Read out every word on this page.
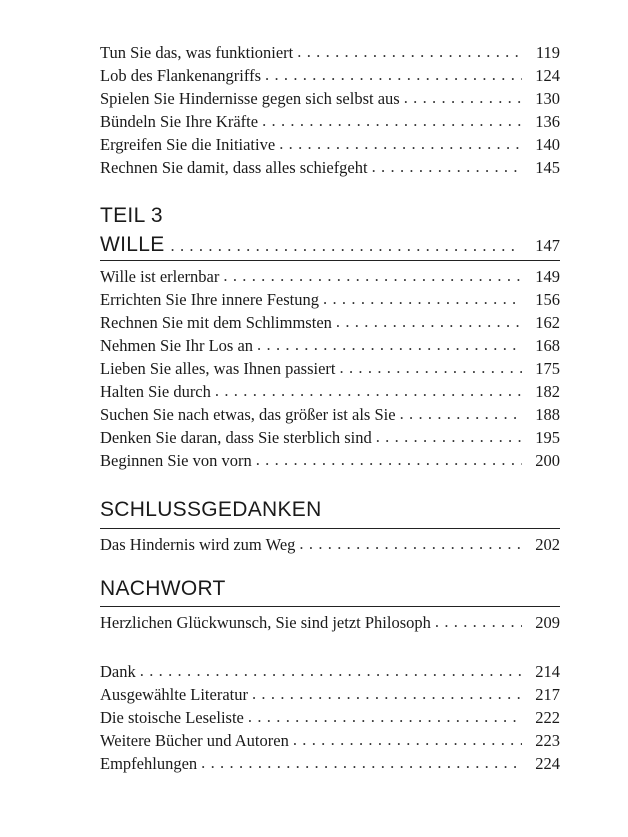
Tun Sie das, was funktioniert . . .	119
Lob des Flankenangriffs . . .	124
Spielen Sie Hindernisse gegen sich selbst aus . . .	130
Bündeln Sie Ihre Kräfte . . .	136
Ergreifen Sie die Initiative . . .	140
Rechnen Sie damit, dass alles schiefgeht . . .	145
TEIL 3
WILLE . . .	147
Wille ist erlernbar . . .	149
Errichten Sie Ihre innere Festung . . .	156
Rechnen Sie mit dem Schlimmsten . . .	162
Nehmen Sie Ihr Los an . . .	168
Lieben Sie alles, was Ihnen passiert . . .	175
Halten Sie durch . . .	182
Suchen Sie nach etwas, das größer ist als Sie . . .	188
Denken Sie daran, dass Sie sterblich sind . . .	195
Beginnen Sie von vorn . . .	200
SCHLUSSGEDANKEN
Das Hindernis wird zum Weg . . .	202
NACHWORT
Herzlichen Glückwunsch, Sie sind jetzt Philosoph . . .	209
Dank . . .	214
Ausgewählte Literatur . . .	217
Die stoische Leseliste . . .	222
Weitere Bücher und Autoren . . .	223
Empfehlungen . . .	224
